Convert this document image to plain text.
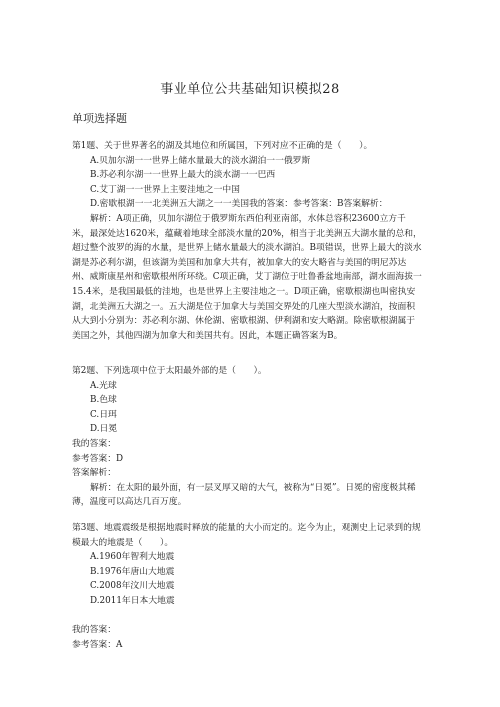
事业单位公共基础知识模拟28
单项选择题

第1题、关于世界著名的湖及其地位和所属国，下列对应不正确的是（　　）。

A.贝加尔湖一一世界上储水量最大的淡水湖泊一一俄罗斯

B.苏必利尔湖一一世界上最大的淡水湖一一巴西

C.艾丁湖一一世界上主要洼地之一中国

D.密歇根湖一一北美洲五大湖之一一美国我的答案：参考答案：B答案解析：

解析：A项正确，贝加尔湖位于俄罗斯东西伯利亚南部，水体总容积23600立方千米，最深处达1620米，蕴藏着地球全部淡水量的20%，相当于北美洲五大湖水量的总和，超过整个波罗的海的水量，是世界上储水量最大的淡水湖泊。B项错误，世界上最大的淡水湖是苏必利尔湖，但该湖为美国和加拿大共有，被加拿大的安大略省与美国的明尼苏达州、威斯康星州和密歇根州所环绕。C项正确，艾丁湖位于吐鲁番盆地南部，湖水面海拔一15.4米，是我国最低的洼地，也是世界上主要洼地之一。D项正确，密歇根湖也叫密执安湖，北美洲五大湖之一。五大湖是位于加拿大与美国交界处的几座大型淡水湖泊，按面积从大到小分别为：苏必利尔湖、休伦湖、密歇根湖、伊利湖和安大略湖。除密歇根湖属于美国之外，其他四湖为加拿大和美国共有。因此，本题正确答案为B。

第2题、下列选项中位于太阳最外部的是（　　）。

A.光球

B.色球

C.日珥

D.日冕

我的答案：

参考答案：D

答案解析：

解析：在太阳的最外面，有一层叉厚又暗的大气，被称为“日冕”。日冕的密度极其稀薄，温度可以高达几百万度。

第3题、地震震级是根据地震时释放的能量的大小而定的。迄今为止，观测史上记录到的规模最大的地震是（　　）。

A.1960年智利大地震

B.1976年唐山大地震

C.2008年汶川大地震

D.2011年日本大地震

我的答案：

参考答案：A
